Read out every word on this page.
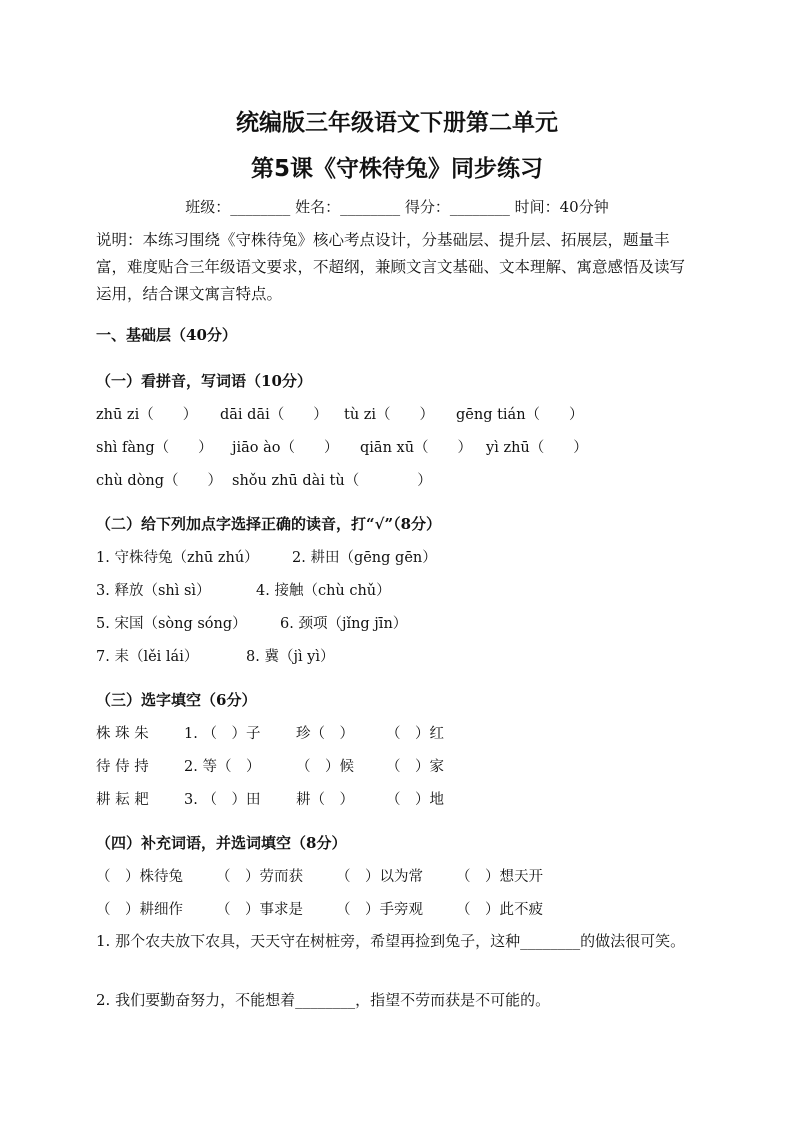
统编版三年级语文下册第二单元
第5课《守株待兔》同步练习
班级：________ 姓名：________ 得分：________ 时间：40分钟
说明：本练习围绕《守株待兔》核心考点设计，分基础层、提升层、拓展层，题量丰富，难度贴合三年级语文要求，不超纲，兼顾文言文基础、文本理解、寓意感悟及读写运用，结合课文寓言特点。
一、基础层（40分）
（一）看拼音，写词语（10分）
zhū zi（　　） dāi dāi（　　） tù zi（　　） gēng tián（　　）
shì fàng（　　） jiāo ào（　　） qiān xū（　　） yì zhū（　　）
chù dòng（　　） shǒu zhū dài tù（　　　　）
（二）给下列加点字选择正确的读音，打“√”（8分）
1. 守株待兔（zhū zhú） 2. 耕田（gēng gēn）
3. 释放（shì sì）	4. 接触（chù chǔ）
5. 宋国（sòng sóng） 6. 颈项（jǐng jīn）
7. 耒（lěi lái）	8. 冀（jì yì）
（三）选字填空（6分）
株 珠 朱 1. （　）子 珍（　） （　）红
待 侍 持 2. 等（　） （　）候 （　）家
耕 耘 耙 3. （　）田 耕（　） （　）地
（四）补充词语，并选词填空（8分）
（　）株待兔 （　）劳而获 （　）以为常 （　）想天开
（　）耕细作 （　）事求是 （　）手旁观 （　）此不疲
1. 那个农夫放下农具，天天守在树桩旁，希望再捡到兔子，这种________的做法很可笑。
2. 我们要勤奋努力，不能想着________，指望不劳而获是不可能的。
